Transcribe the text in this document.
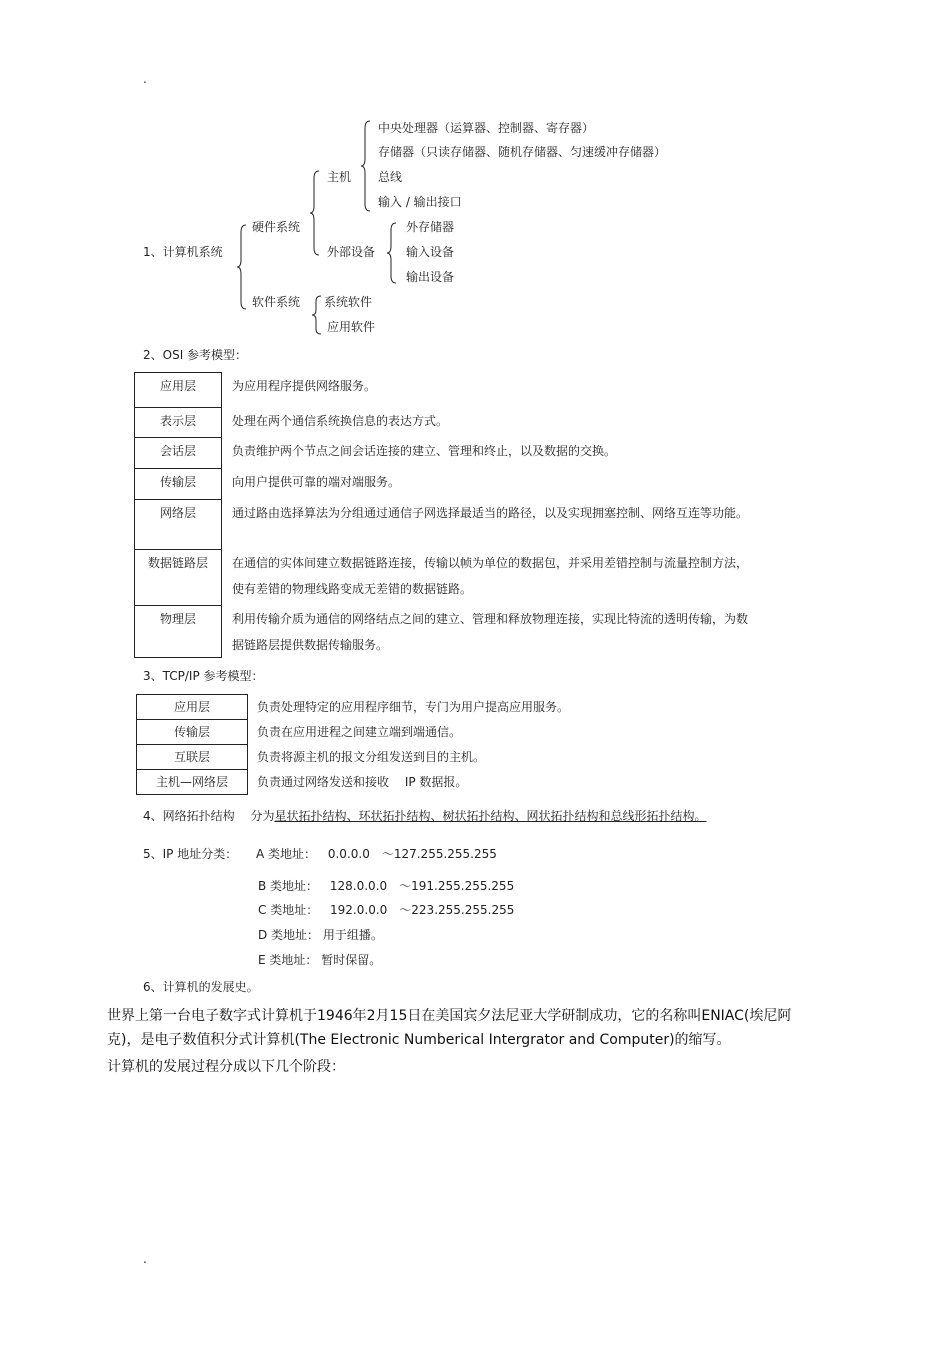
.
.
1、计算机系统
硬件系统
软件系统
主机
外部设备
中央处理器（运算器、控制器、寄存器）
存储器（只读存储器、随机存储器、匀速缓冲存储器）
总线
输入 / 输出接口
外存储器
输入设备
输出设备
系统软件
应用软件
2、OSI 参考模型：
应用层	为应用程序提供网络服务。
表示层	处理在两个通信系统换信息的表达方式。
会话层	负责维护两个节点之间会话连接的建立、管理和终止，以及数据的交换。
传输层	向用户提供可靠的端对端服务。
网络层	通过路由选择算法为分组通过通信子网选择最适当的路径，以及实现拥塞控制、网络互连等功能。
数据链路层	在通信的实体间建立数据链路连接，传输以帧为单位的数据包，并采用差错控制与流量控制方法，使有差错的物理线路变成无差错的数据链路。
物理层	利用传输介质为通信的网络结点之间的建立、管理和释放物理连接，实现比特流的透明传输，为数据链路层提供数据传输服务。
3、TCP/IP 参考模型：
应用层	负责处理特定的应用程序细节，专门为用户提高应用服务。
传输层	负责在应用进程之间建立端到端通信。
互联层	负责将源主机的报文分组发送到目的主机。
主机—网络层	负责通过网络发送和接收　 IP 数据报。
4、网络拓扑结构 分为星状拓扑结构、环状拓扑结构、树状拓扑结构、网状拓扑结构和总线形拓扑结构。
5、IP 地址分类： A 类地址： 0.0.0.0　～127.255.255.255
B 类地址： 128.0.0.0　～191.255.255.255
C 类地址： 192.0.0.0　～223.255.255.255
D 类地址： 用于组播。
E 类地址： 暂时保留。
6、计算机的发展史。
世界上第一台电子数字式计算机于1946年2月15日在美国宾夕法尼亚大学研制成功，它的名称叫ENIAC(埃尼阿
克)，是电子数值积分式计算机(The Electronic Numberical Intergrator and Computer)的缩写。
计算机的发展过程分成以下几个阶段：
